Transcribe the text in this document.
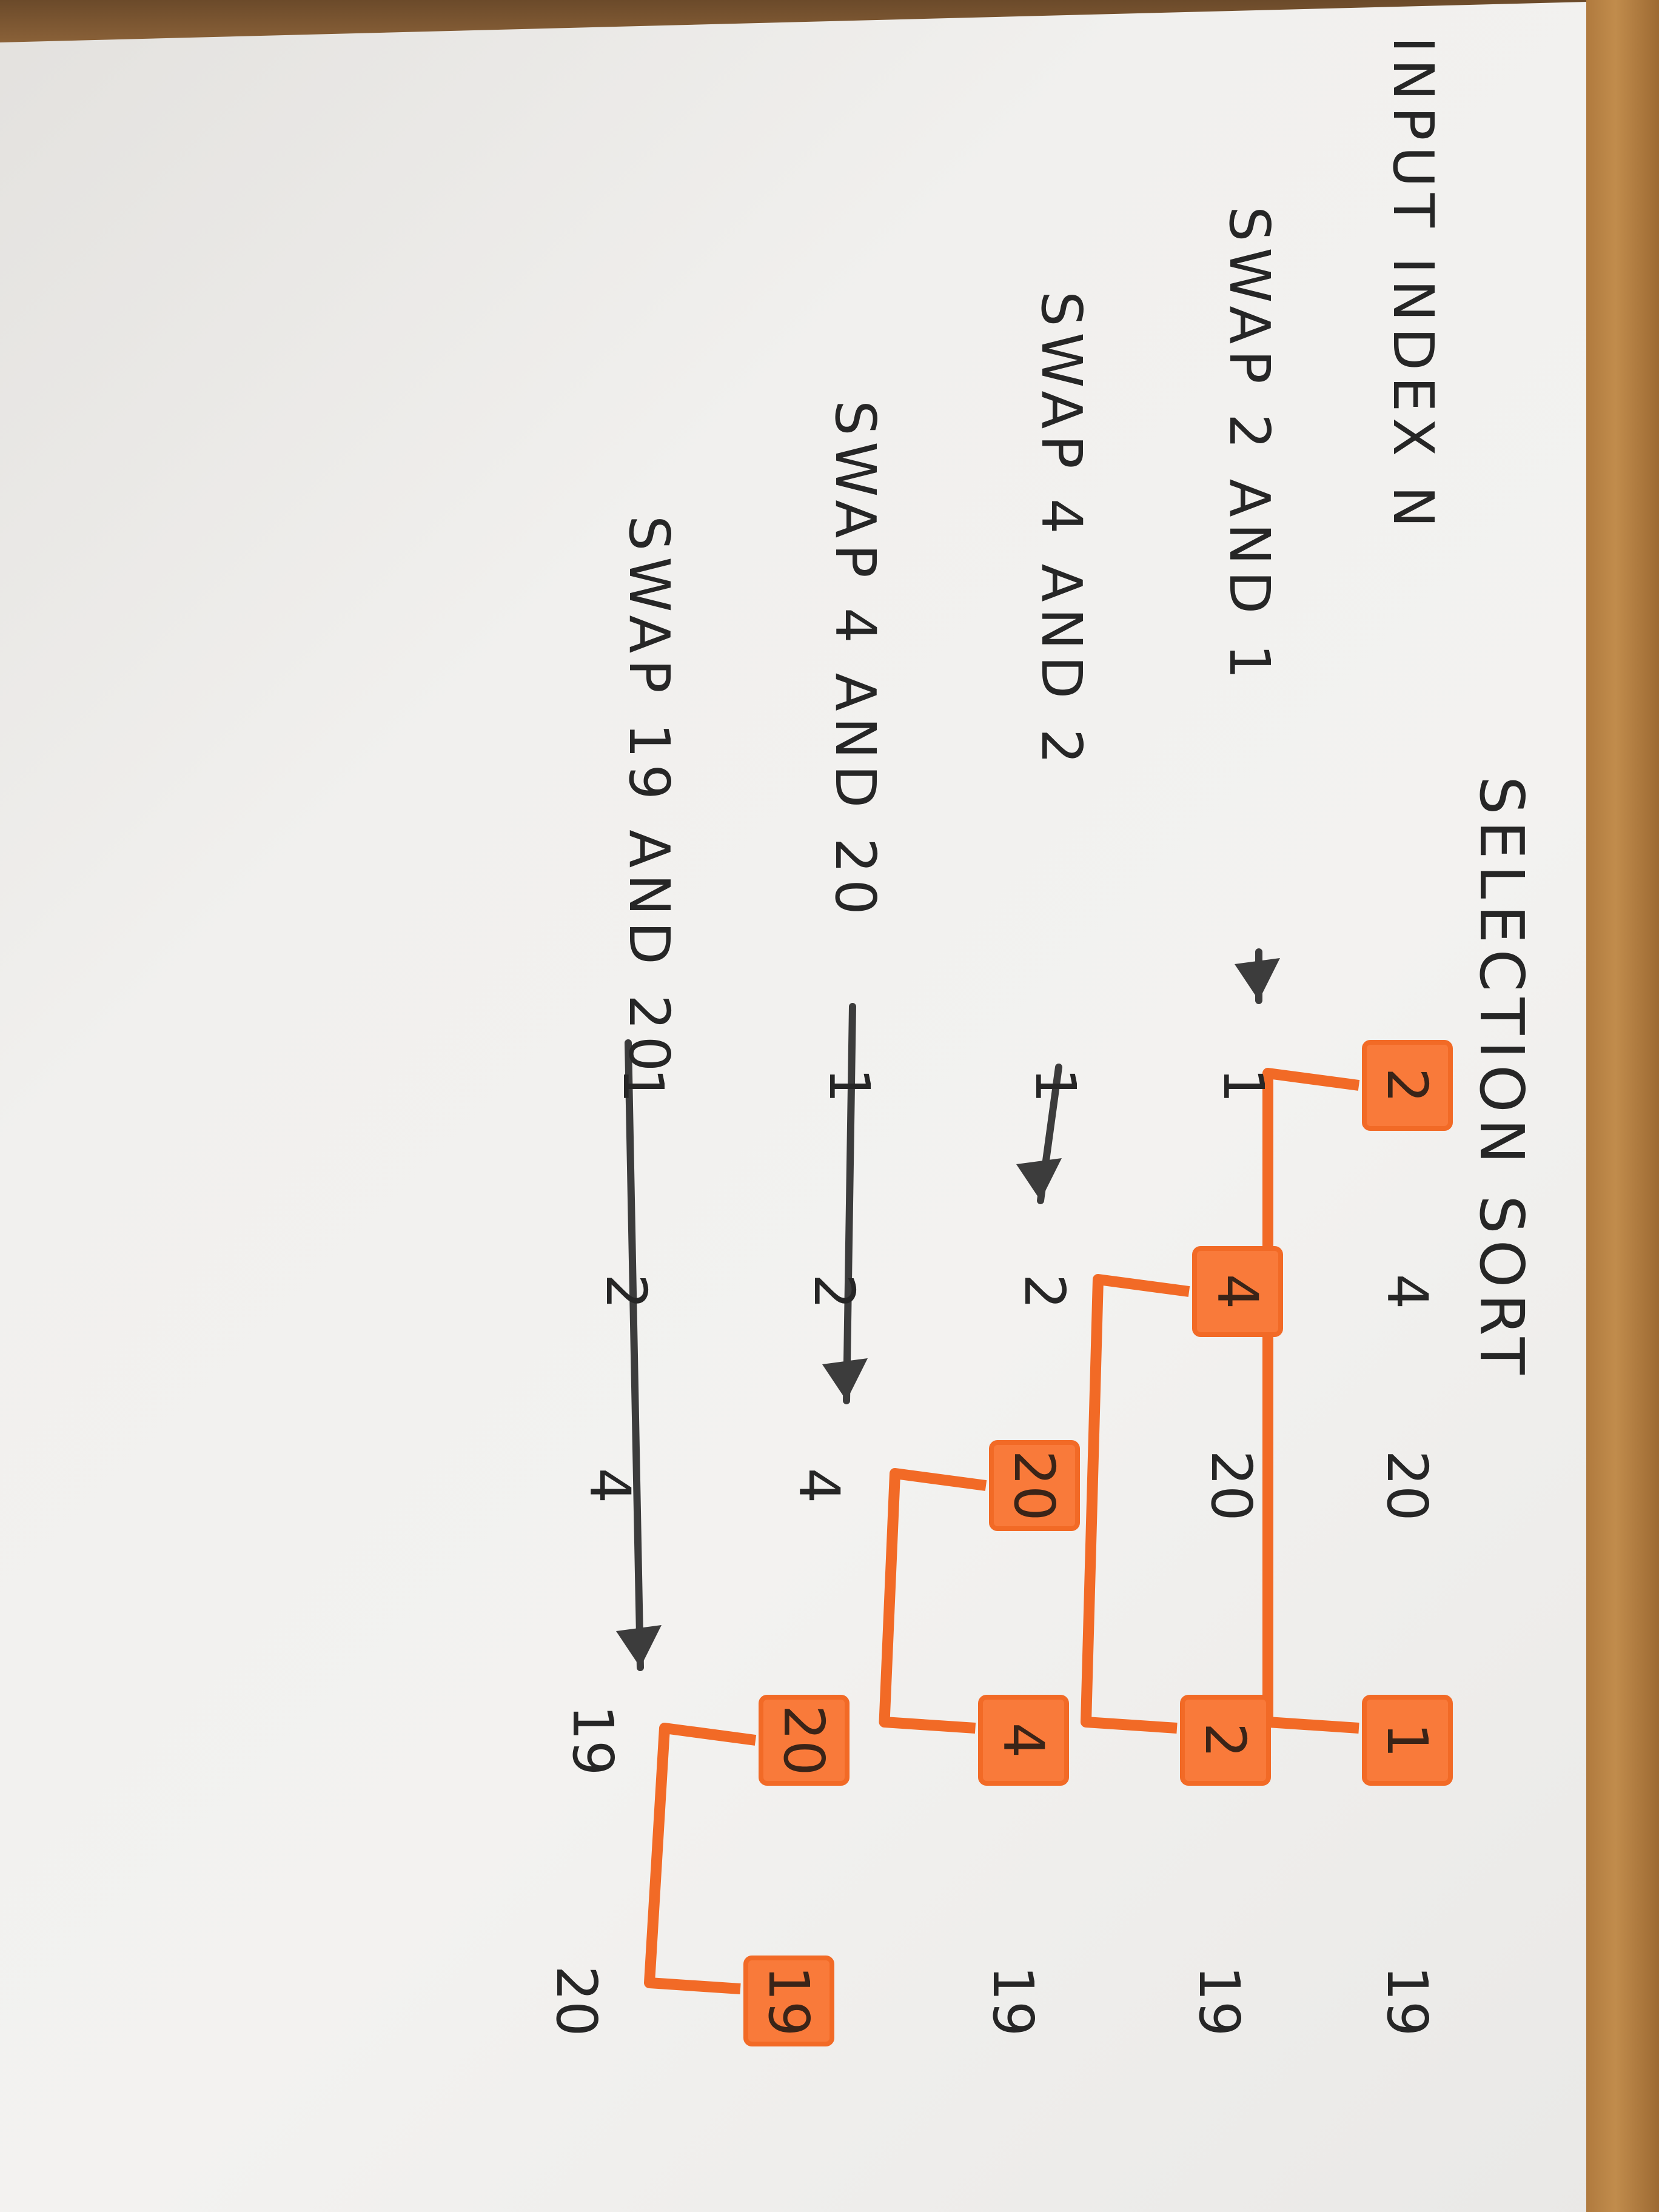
SELECTION SORT
INPUT INDEX N
2
4
20
1
19
SWAP 2 AND 1
1
4
20
2
19
SWAP 4 AND 2
1
2
20
4
19
SWAP 4 AND 20
1
2
4
20
19
SWAP 19 AND 20
1
2
4
19
20
